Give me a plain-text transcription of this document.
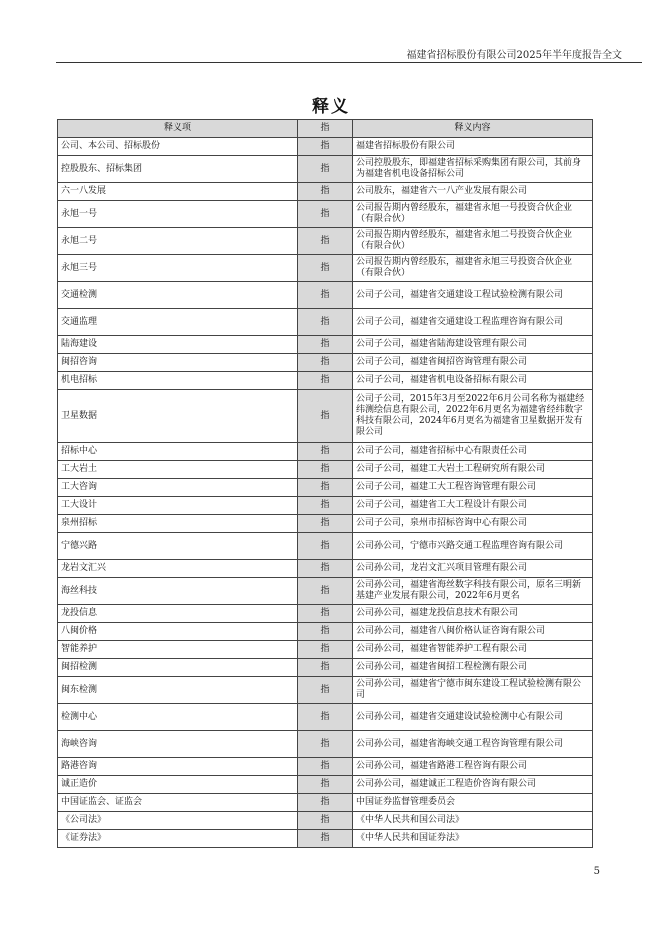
福建省招标股份有限公司2025年半年度报告全文
释义
释义项	指	释义内容
公司、本公司、招标股份	指	福建省招标股份有限公司
控股股东、招标集团	指	公司控股股东，即福建省招标采购集团有限公司，其前身为福建省机电设备招标公司
六一八发展	指	公司股东，福建省六一八产业发展有限公司
永旭一号	指	公司报告期内曾经股东，福建省永旭一号投资合伙企业（有限合伙）
永旭二号	指	公司报告期内曾经股东，福建省永旭二号投资合伙企业（有限合伙）
永旭三号	指	公司报告期内曾经股东，福建省永旭三号投资合伙企业（有限合伙）
交通检测	指	公司子公司，福建省交通建设工程试验检测有限公司
交通监理	指	公司子公司，福建省交通建设工程监理咨询有限公司
陆海建设	指	公司子公司，福建省陆海建设管理有限公司
闽招咨询	指	公司子公司，福建省闽招咨询管理有限公司
机电招标	指	公司子公司，福建省机电设备招标有限公司
卫星数据	指	公司子公司，2015年3月至2022年6月公司名称为福建经纬测绘信息有限公司，2022年6月更名为福建省经纬数字科技有限公司，2024年6月更名为福建省卫星数据开发有限公司
招标中心	指	公司子公司，福建省招标中心有限责任公司
工大岩土	指	公司子公司，福建工大岩土工程研究所有限公司
工大咨询	指	公司子公司，福建工大工程咨询管理有限公司
工大设计	指	公司子公司，福建省工大工程设计有限公司
泉州招标	指	公司子公司，泉州市招标咨询中心有限公司
宁德兴路	指	公司孙公司，宁德市兴路交通工程监理咨询有限公司
龙岩文汇兴	指	公司孙公司，龙岩文汇兴项目管理有限公司
海丝科技	指	公司孙公司，福建省海丝数字科技有限公司，原名三明新基建产业发展有限公司，2022年6月更名
龙投信息	指	公司孙公司，福建龙投信息技术有限公司
八闽价格	指	公司孙公司，福建省八闽价格认证咨询有限公司
智能养护	指	公司孙公司，福建省智能养护工程有限公司
闽招检测	指	公司孙公司，福建省闽招工程检测有限公司
闽东检测	指	公司孙公司，福建省宁德市闽东建设工程试验检测有限公司
检测中心	指	公司孙公司，福建省交通建设试验检测中心有限公司
海峡咨询	指	公司孙公司，福建省海峡交通工程咨询管理有限公司
路港咨询	指	公司孙公司，福建省路港工程咨询有限公司
诚正造价	指	公司孙公司，福建诚正工程造价咨询有限公司
中国证监会、证监会	指	中国证券监督管理委员会
《公司法》	指	《中华人民共和国公司法》
《证券法》	指	《中华人民共和国证券法》
5
